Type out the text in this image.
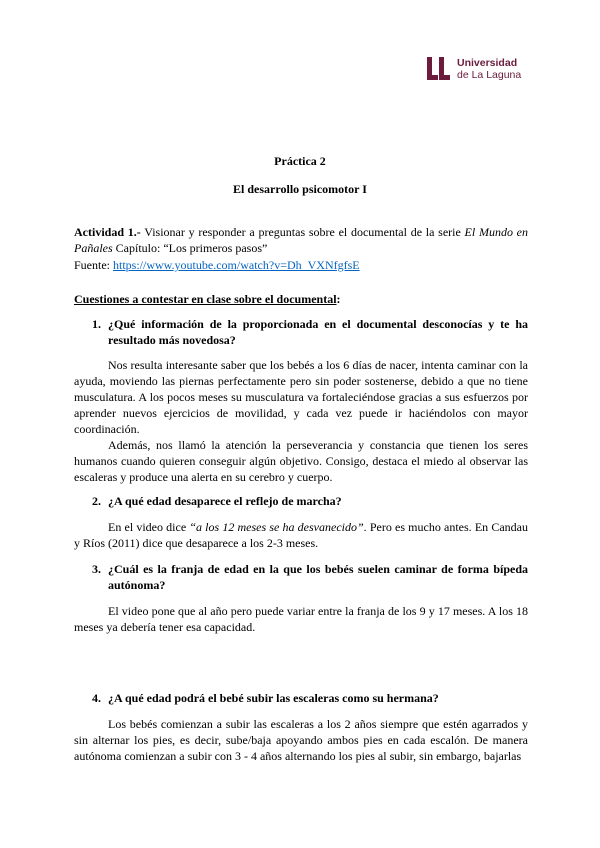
Universidad
de La Laguna
Práctica 2
El desarrollo psicomotor I
Actividad 1.- Visionar y responder a preguntas sobre el documental de la serie El Mundo en Pañales Capítulo: “Los primeros pasos”
Fuente: https://www.youtube.com/watch?v=Dh_VXNfgfsE
Cuestiones a contestar en clase sobre el documental:
1. ¿Qué información de la proporcionada en el documental desconocías y te ha resultado más novedosa?
Nos resulta interesante saber que los bebés a los 6 días de nacer, intenta caminar con la ayuda, moviendo las piernas perfectamente pero sin poder sostenerse, debido a que no tiene musculatura. A los pocos meses su musculatura va fortaleciéndose gracias a sus esfuerzos por aprender nuevos ejercicios de movilidad, y cada vez puede ir haciéndolos con mayor coordinación.
Además, nos llamó la atención la perseverancia y constancia que tienen los seres humanos cuando quieren conseguir algún objetivo. Consigo, destaca el miedo al observar las escaleras y produce una alerta en su cerebro y cuerpo.
2. ¿A qué edad desaparece el reflejo de marcha?
En el video dice “a los 12 meses se ha desvanecido”. Pero es mucho antes. En Candau y Ríos (2011) dice que desaparece a los 2-3 meses.
3. ¿Cuál es la franja de edad en la que los bebés suelen caminar de forma bípeda autónoma?
El video pone que al año pero puede variar entre la franja de los 9 y 17 meses. A los 18 meses ya debería tener esa capacidad.
4. ¿A qué edad podrá el bebé subir las escaleras como su hermana?
Los bebés comienzan a subir las escaleras a los 2 años siempre que estén agarrados y sin alternar los pies, es decir, sube/baja apoyando ambos pies en cada escalón. De manera autónoma comienzan a subir con 3 - 4 años alternando los pies al subir, sin embargo, bajarlas
